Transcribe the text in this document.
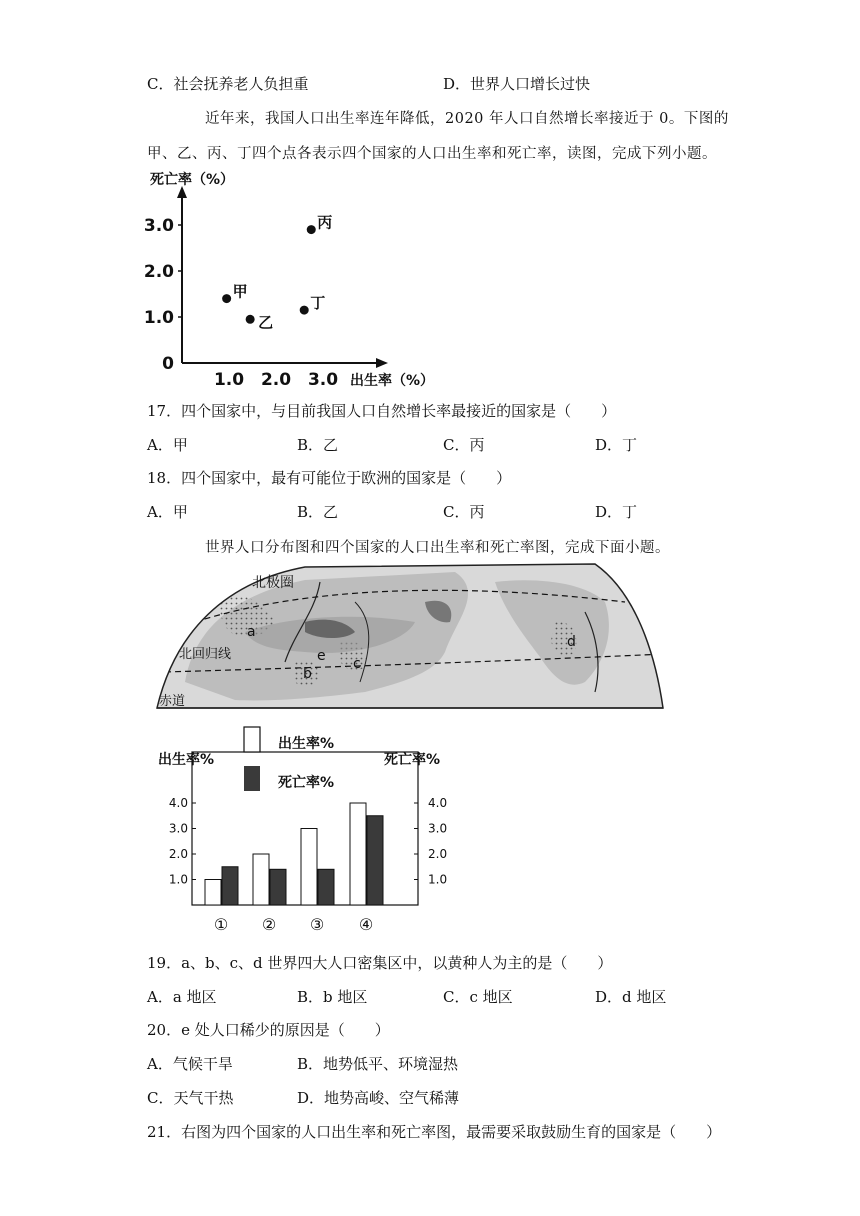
C．社会抚养老人负担重	D．世界人口增长过快
近年来，我国人口出生率连年降低，2020 年人口自然增长率接近于 0。下图的
甲、乙、丙、丁四个点各表示四个国家的人口出生率和死亡率，读图，完成下列小题。
死亡率（%）
出生率（%）
0
1.0
2.0
3.0
1.0 2.0 3.0
甲
乙
丙
丁
17．四个国家中，与目前我国人口自然增长率最接近的国家是（　　）
A．甲	B．乙	C．丙	D．丁
18．四个国家中，最有可能位于欧洲的国家是（　　）
A．甲	B．乙	C．丙	D．丁
世界人口分布图和四个国家的人口出生率和死亡率图，完成下面小题。
北极圈
北回归线
赤道
a
b
c
d
e
出生率%	死亡率%
出生率%
死亡率%
1.0	1.0
2.0	2.0
3.0	3.0
4.0	4.0
① ② ③ ④
19．a、b、c、d 世界四大人口密集区中，以黄种人为主的是（　　）
A．a 地区	B．b 地区	C．c 地区	D．d 地区
20．e 处人口稀少的原因是（　　）
A．气候干旱	B．地势低平、环境湿热
C．天气干热	D．地势高峻、空气稀薄
21．右图为四个国家的人口出生率和死亡率图，最需要采取鼓励生育的国家是（　　）
